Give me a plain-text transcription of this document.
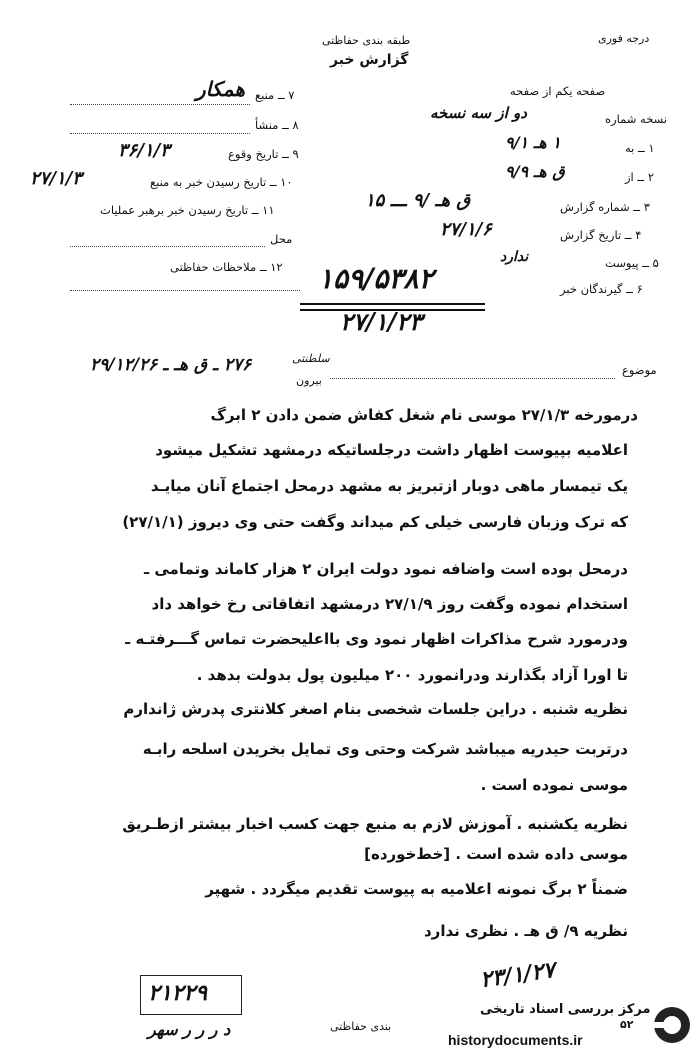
درجه فوری
طبقه بندی حفاظتی
گزارش خبر
۷ ــ منبع
همکار
۸ ــ منشأ
۹ ــ تاریخ وقوع
۳۶/۱/۳
۱۰ ــ تاریخ رسیدن خبر به منبع
۲۷/۱/۳
۱۱ ــ تاریخ رسیدن خبر برهبر عملیات
محل
۱۲ ــ ملاحظات حفاظتی
صفحه یکم از صفحه
نسخه شماره
دو از سه نسخه
۱ ــ به
۱ هـ ۹/۱
۲ ــ از
ق هـ ۹/۹
۳ ــ شماره گزارش
ق هـ /۹ ـــ ۱۵
۴ ــ تاریخ گزارش
۲۷/۱/۶
۵ ــ پیوست
ندارد
۶ ــ گیرندگان خبر
۱۵۹/۵۳۸۲
۲۷/۱/۲۳
موضوع
۲۷۶ ـ ق هـ ـ ۲۹/۱۲/۲۶	سلطنتی
بیرون
درمورخه ۲۷/۱/۳ موسی نام شغل کفاش ضمن دادن ۲ ابرگ
اعلامیه بپیوست اظهار داشت درجلساتیکه درمشهد تشکیل میشود
یک تیمسار ماهی دوبار ازتبریز به مشهد درمحل اجتماع آنان میایـد
که ترک وزبان فارسی خیلی کم میداند وگفت حتی وی دیروز (۲۷/۱/۱)
درمحل بوده است واضافه نمود دولت ایران ۲ هزار کاماند وتمامی ـ
استخدام نموده وگفت روز ۲۷/۱/۹ درمشهد اتفاقاتی رخ خواهد داد
ودرمورد شرح مذاکرات اظهار نمود وی بااعلیحضرت تماس گـــرفتـه ـ
تا اورا آزاد بگذارند ودرانمورد ۲۰۰ میلیون پول بدولت بدهد .
نظریه شنبه . دراین جلسات شخصی بنام اصغر کلانتری پدرش ژاندارم
درتربت حیدریه میباشد شرکت وحتی وی تمایل بخریدن اسلحه رابـه
موسی نموده است .
نظریه یکشنبه . آموزش لازم به منبع جهت کسب اخبار بیشتر ازطـریق
موسی داده شده است . [خط‌خورده]
ضمناً ۲ برگ نمونه اعلامیه به پیوست تقدیم میگردد . شهپر
نظریه ۹/ ق هـ . نظری ندارد
۲۱۲۲۹
د ر ر ر سهر
۲۳/۱/۲۷
بندی حفاظتی
مرکز بررسی اسناد تاریخی
۵۲
historydocuments.ir
